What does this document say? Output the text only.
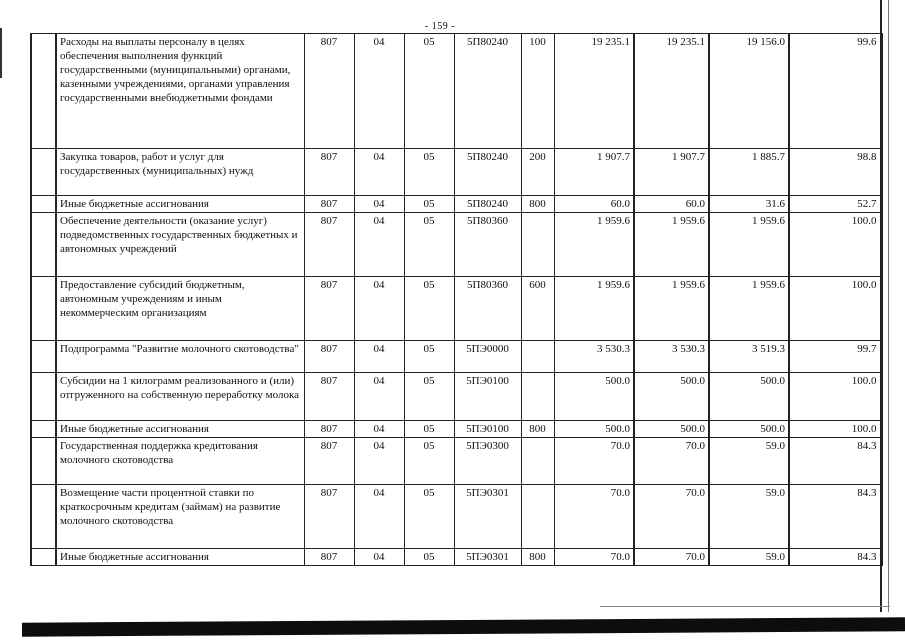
- 159 -
	Расходы на выплаты персоналу в целях обеспечения выполнения функций государственными (муниципальными) органами, казенными учреждениями, органами управления государственными внебюджетными фондами	807	04	05	5П80240	100	19 235.1	19 235.1	19 156.0	99.6
	Закупка товаров, работ и услуг для государственных (муниципальных) нужд	807	04	05	5П80240	200	1 907.7	1 907.7	1 885.7	98.8
	Иные бюджетные ассигнования	807	04	05	5П80240	800	60.0	60.0	31.6	52.7
	Обеспечение деятельности (оказание услуг) подведомственных государственных бюджетных и автономных учреждений	807	04	05	5П80360		1 959.6	1 959.6	1 959.6	100.0
	Предоставление субсидий бюджетным, автономным учреждениям и иным некоммерческим организациям	807	04	05	5П80360	600	1 959.6	1 959.6	1 959.6	100.0
	Подпрограмма "Развитие молочного скотоводства"	807	04	05	5ПЭ0000		3 530.3	3 530.3	3 519.3	99.7
	Субсидии на 1 килограмм реализованного и (или) отгруженного на собственную переработку молока	807	04	05	5ПЭ0100		500.0	500.0	500.0	100.0
	Иные бюджетные ассигнования	807	04	05	5ПЭ0100	800	500.0	500.0	500.0	100.0
	Государственная поддержка кредитования молочного скотоводства	807	04	05	5ПЭ0300		70.0	70.0	59.0	84.3
	Возмещение части процентной ставки по краткосрочным кредитам (займам) на развитие молочного скотоводства	807	04	05	5ПЭ0301		70.0	70.0	59.0	84.3
	Иные бюджетные ассигнования	807	04	05	5ПЭ0301	800	70.0	70.0	59.0	84.3
